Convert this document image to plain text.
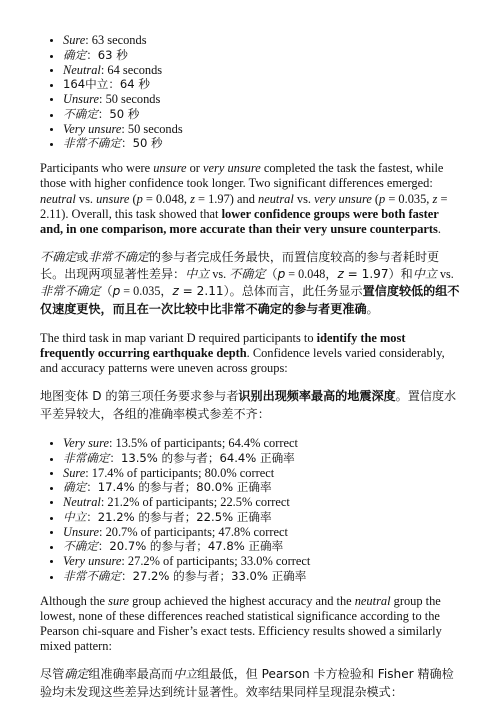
• Sure: 63 seconds
• 确定：63 秒
• Neutral: 64 seconds
• 164中立：64 秒
• Unsure: 50 seconds
• 不确定：50 秒
• Very unsure: 50 seconds
• 非常不确定：50 秒

Participants who were unsure or very unsure completed the task the fastest, while those with higher confidence took longer. Two significant differences emerged: neutral vs. unsure (p = 0.048, z = 1.97) and neutral vs. very unsure (p = 0.035, z = 2.11). Overall, this task showed that lower confidence groups were both faster and, in one comparison, more accurate than their very unsure counterparts.

不确定或非常不确定的参与者完成任务最快，而置信度较高的参与者耗时更长。出现两项显著性差异：中立 vs. 不确定（p = 0.048，z = 1.97）和中立 vs. 非常不确定（p = 0.035，z = 2.11）。总体而言，此任务显示置信度较低的组不仅速度更快，而且在一次比较中比非常不确定的参与者更准确。

The third task in map variant D required participants to identify the most frequently occurring earthquake depth. Confidence levels varied considerably, and accuracy patterns were uneven across groups:

地图变体 D 的第三项任务要求参与者识别出现频率最高的地震深度。置信度水平差异较大，各组的准确率模式参差不齐：

• Very sure: 13.5% of participants; 64.4% correct
• 非常确定：13.5% 的参与者；64.4% 正确率
• Sure: 17.4% of participants; 80.0% correct
• 确定：17.4% 的参与者；80.0% 正确率
• Neutral: 21.2% of participants; 22.5% correct
• 中立：21.2% 的参与者；22.5% 正确率
• Unsure: 20.7% of participants; 47.8% correct
• 不确定：20.7% 的参与者；47.8% 正确率
• Very unsure: 27.2% of participants; 33.0% correct
• 非常不确定：27.2% 的参与者；33.0% 正确率

Although the sure group achieved the highest accuracy and the neutral group the lowest, none of these differences reached statistical significance according to the Pearson chi-square and Fisher’s exact tests. Efficiency results showed a similarly mixed pattern:

尽管确定组准确率最高而中立组最低，但 Pearson 卡方检验和 Fisher 精确检验均未发现这些差异达到统计显著性。效率结果同样呈现混杂模式：
